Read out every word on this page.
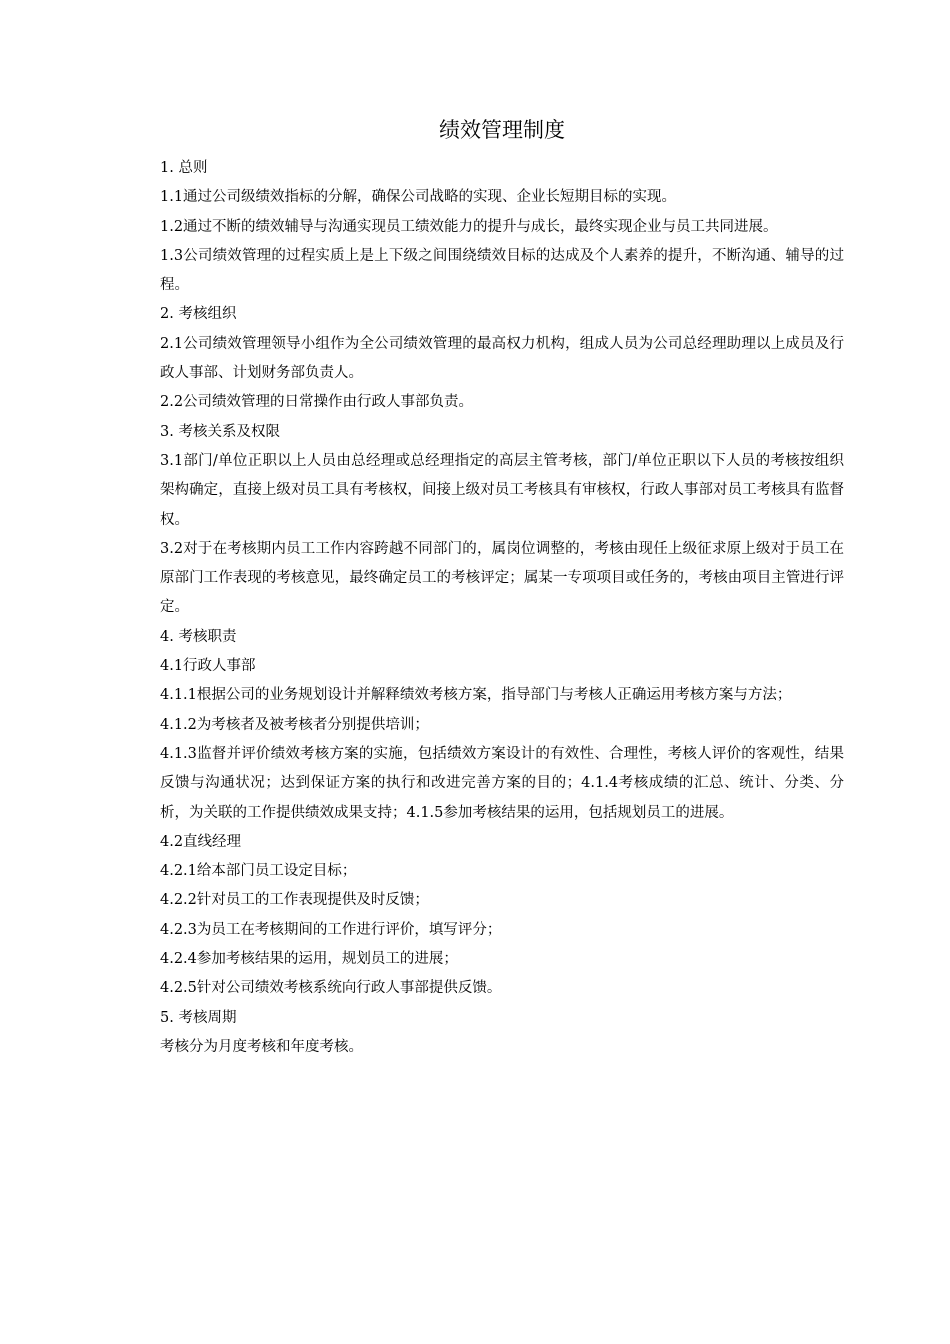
绩效管理制度

1. 总则

1.1通过公司级绩效指标的分解，确保公司战略的实现、企业长短期目标的实现。

1.2通过不断的绩效辅导与沟通实现员工绩效能力的提升与成长，最终实现企业与员工共同进展。

1.3公司绩效管理的过程实质上是上下级之间围绕绩效目标的达成及个人素养的提升，不断沟通、辅导的过程。

2. 考核组织

2.1公司绩效管理领导小组作为全公司绩效管理的最高权力机构，组成人员为公司总经理助理以上成员及行政人事部、计划财务部负责人。

2.2公司绩效管理的日常操作由行政人事部负责。

3. 考核关系及权限

3.1部门/单位正职以上人员由总经理或总经理指定的高层主管考核，部门/单位正职以下人员的考核按组织架构确定，直接上级对员工具有考核权，间接上级对员工考核具有审核权，行政人事部对员工考核具有监督权。

3.2对于在考核期内员工工作内容跨越不同部门的，属岗位调整的，考核由现任上级征求原上级对于员工在原部门工作表现的考核意见，最终确定员工的考核评定；属某一专项项目或任务的，考核由项目主管进行评定。

4. 考核职责

4.1行政人事部

4.1.1根据公司的业务规划设计并解释绩效考核方案，指导部门与考核人正确运用考核方案与方法；

4.1.2为考核者及被考核者分别提供培训；

4.1.3监督并评价绩效考核方案的实施，包括绩效方案设计的有效性、合理性，考核人评价的客观性，结果反馈与沟通状况；达到保证方案的执行和改进完善方案的目的；4.1.4考核成绩的汇总、统计、分类、分析，为关联的工作提供绩效成果支持；4.1.5参加考核结果的运用，包括规划员工的进展。

4.2直线经理

4.2.1给本部门员工设定目标；

4.2.2针对员工的工作表现提供及时反馈；

4.2.3为员工在考核期间的工作进行评价，填写评分；

4.2.4参加考核结果的运用，规划员工的进展；

4.2.5针对公司绩效考核系统向行政人事部提供反馈。

5. 考核周期

考核分为月度考核和年度考核。
